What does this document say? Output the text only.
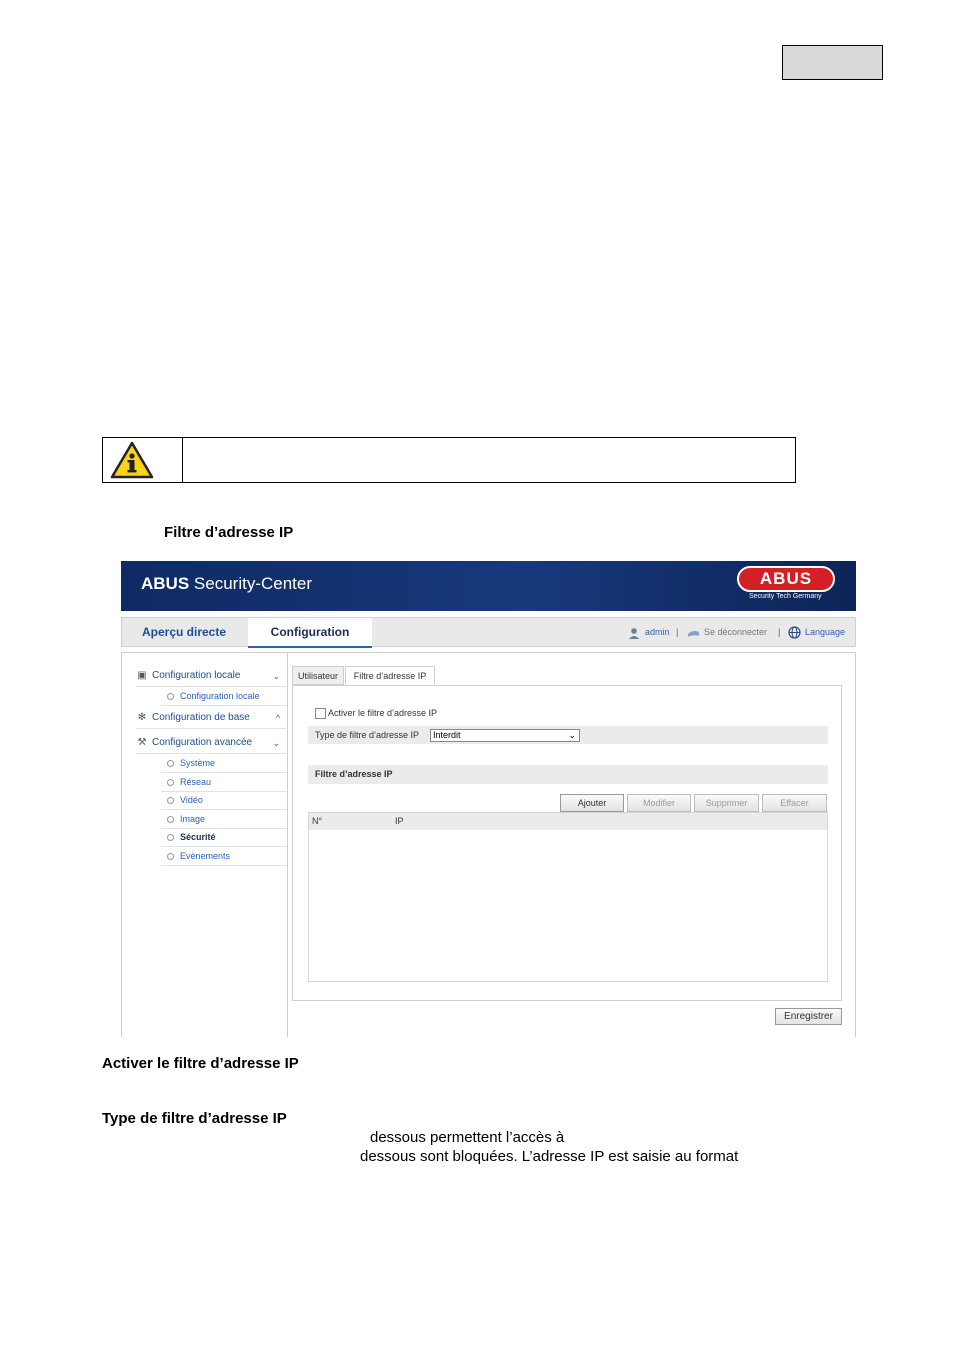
Filtre d’adresse IP
ABUS Security-Center	ABUS
Security Tech Germany
Aperçu directe	Configuration	admin |	Se déconnecter |	Language
▣ Configuration locale	⌄
Configuration locale
✻ Configuration de base	^
⚒ Configuration avancée ⌄
Système
Réseau
Vidéo
Image
Sécurité
Evènements
Utilisateur	Filtre d’adresse IP
Activer le filtre d’adresse IP
Type de filtre d’adresse IP	Interdit	⌄
Filtre d’adresse IP
Ajouter	Modifier	Supprimer	Effacer
N°	IP
Enregistrer
Activer le filtre d’adresse IP
Type de filtre d’adresse IP
dessous permettent l’accès à
dessous sont bloquées. L’adresse IP est saisie au format
